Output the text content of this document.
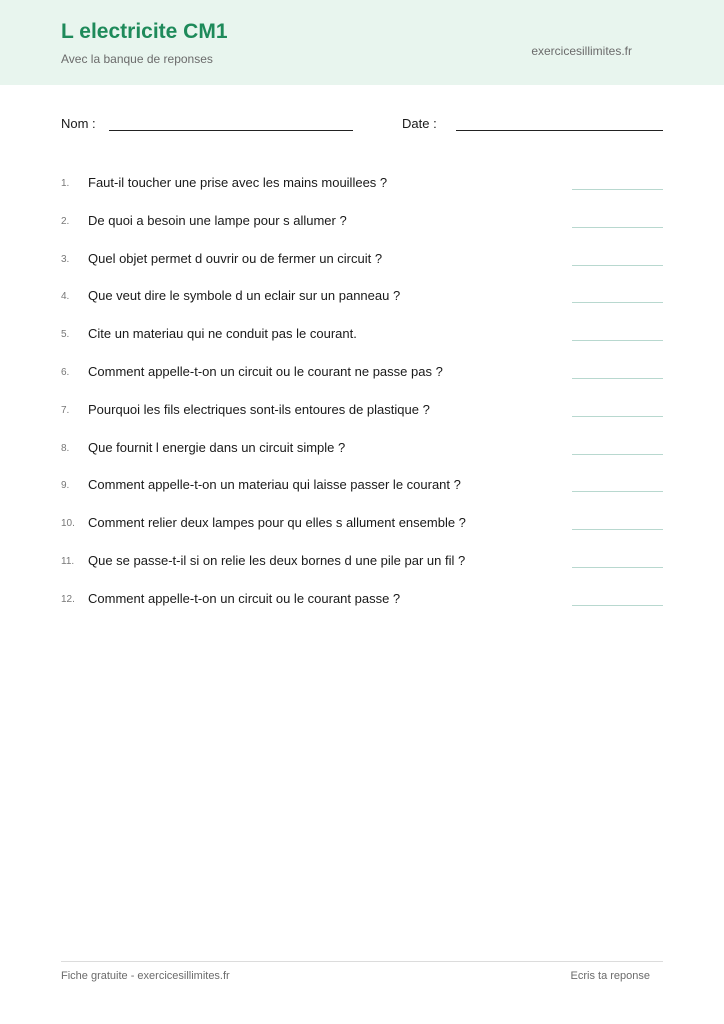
L electricite CM1
Avec la banque de reponses
exercicesillimites.fr
Nom :	Date :
1.	Faut-il toucher une prise avec les mains mouillees ?
2.	De quoi a besoin une lampe pour s allumer ?
3.	Quel objet permet d ouvrir ou de fermer un circuit ?
4.	Que veut dire le symbole d un eclair sur un panneau ?
5.	Cite un materiau qui ne conduit pas le courant.
6.	Comment appelle-t-on un circuit ou le courant ne passe pas ?
7.	Pourquoi les fils electriques sont-ils entoures de plastique ?
8.	Que fournit l energie dans un circuit simple ?
9.	Comment appelle-t-on un materiau qui laisse passer le courant ?
10.	Comment relier deux lampes pour qu elles s allument ensemble ?
11.	Que se passe-t-il si on relie les deux bornes d une pile par un fil ?
12.	Comment appelle-t-on un circuit ou le courant passe ?
Fiche gratuite - exercicesillimites.fr	Ecris ta reponse
